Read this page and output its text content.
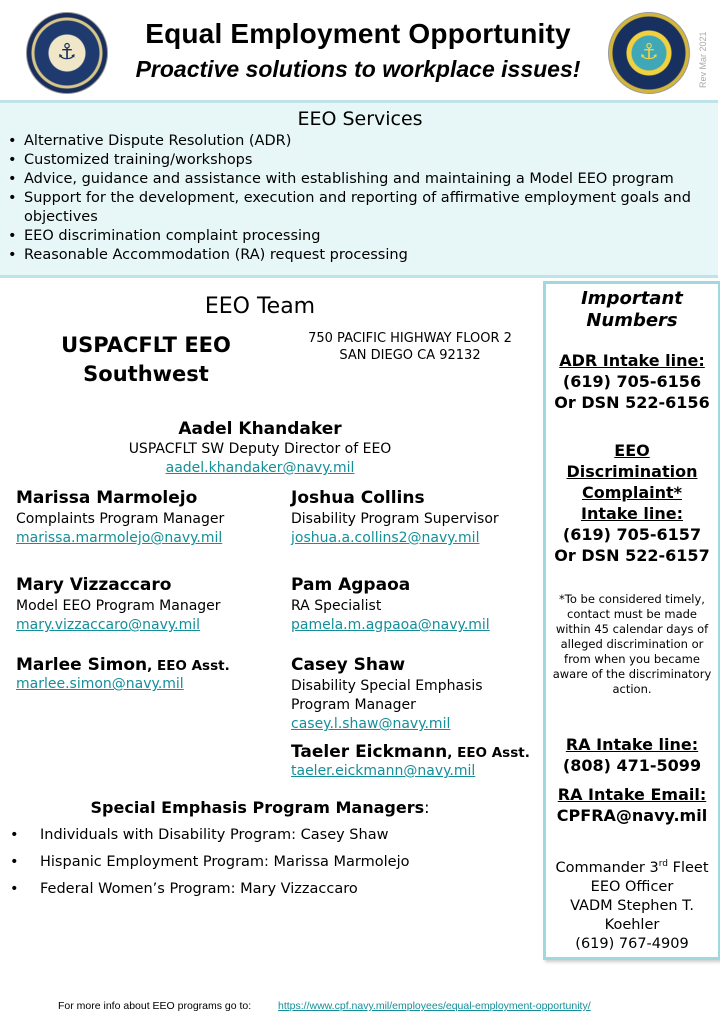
⚓
Equal Employment Opportunity
Proactive solutions to workplace issues!
⚓	Rev Mar 2021
EEO Services
• Alternative Dispute Resolution (ADR)
• Customized training/workshops
• Advice, guidance and assistance with establishing and maintaining a Model EEO program
• Support for the development, execution and reporting of affirmative employment goals and objectives
• EEO discrimination complaint processing
• Reasonable Accommodation (RA) request processing
EEO Team
USPACFLT EEO
Southwest
750 PACIFIC HIGHWAY FLOOR 2
SAN DIEGO CA 92132
Aadel Khandaker
USPACFLT SW Deputy Director of EEO
aadel.khandaker@navy.mil
Marissa Marmolejo
Complaints Program Manager
marissa.marmolejo@navy.mil
Mary Vizzaccaro
Model EEO Program Manager
mary.vizzaccaro@navy.mil
Marlee Simon, EEO Asst.
marlee.simon@navy.mil
Joshua Collins
Disability Program Supervisor
joshua.a.collins2@navy.mil
Pam Agpaoa
RA Specialist
pamela.m.agpaoa@navy.mil
Casey Shaw
Disability Special Emphasis
Program Manager
casey.l.shaw@navy.mil
Taeler Eickmann, EEO Asst.
taeler.eickmann@navy.mil
Special Emphasis Program Managers:
• Individuals with Disability Program: Casey Shaw
• Hispanic Employment Program: Marissa Marmolejo
• Federal Women’s Program: Mary Vizzaccaro
Important
Numbers
ADR Intake line:
(619) 705-6156
Or DSN 522-6156
EEO
Discrimination
Complaint*
Intake line:
(619) 705-6157
Or DSN 522-6157
*To be considered timely, contact must be made within 45 calendar days of alleged discrimination or from when you became aware of the discriminatory action.
RA Intake line:
(808) 471-5099
RA Intake Email:
CPFRA@navy.mil
Commander 3rd Fleet
EEO Officer
VADM Stephen T.
Koehler
(619) 767-4909
For more info about EEO programs go to:	https://www.cpf.navy.mil/employees/equal-employment-opportunity/
